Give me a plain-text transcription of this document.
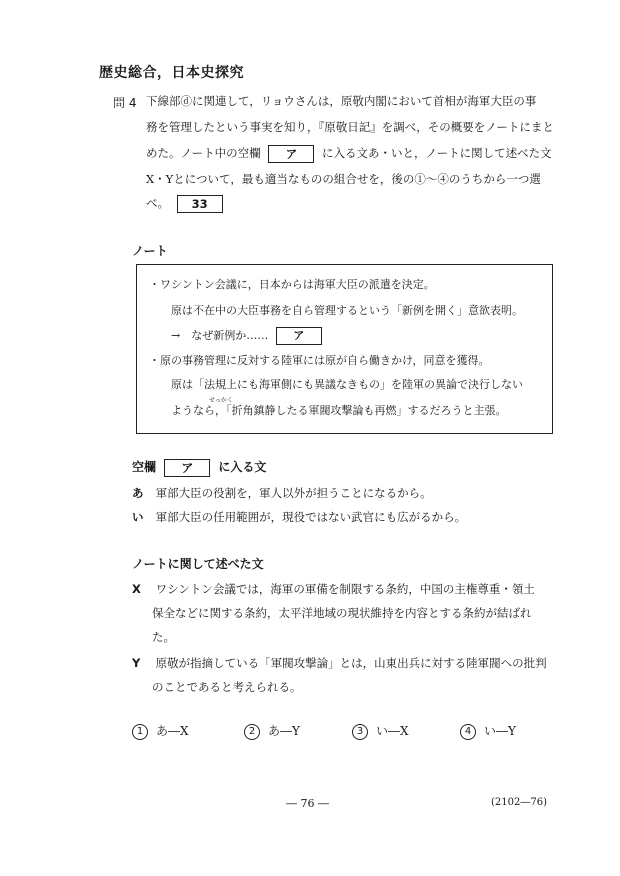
歴史総合，日本史探究
問 4 下線部ⓓに関連して，リョウさんは，原敬内閣において首相が海軍大臣の事
務を管理したという事実を知り，『原敬日記』を調べ，その概要をノートにまと
めた。ノート中の空欄 ア に入る文あ・いと，ノートに関して述べた文
X・Yとについて，最も適当なものの組合せを，後の①～④のうちから一つ選
べ。 33
ノート
・ワシントン会議に，日本からは海軍大臣の派遣を決定。
原は不在中の大臣事務を自ら管理するという「新例を開く」意欲表明。
→　なぜ新例か…… ア
・原の事務管理に反対する陸軍には原が自ら働きかけ，同意を獲得。
原は「法規上にも海軍側にも異議なきもの」を陸軍の異論で決行しない
せっかく
ようなら，「折角鎮静したる軍閥攻撃論も再燃」するだろうと主張。
空欄 ア に入る文
あ 軍部大臣の役割を，軍人以外が担うことになるから。
い 軍部大臣の任用範囲が，現役ではない武官にも広がるから。
ノートに関して述べた文
X ワシントン会議では，海軍の軍備を制限する条約，中国の主権尊重・領土
保全などに関する条約，太平洋地域の現状維持を内容とする条約が結ばれ
た。
Y 原敬が指摘している「軍閥攻撃論」とは，山東出兵に対する陸軍閥への批判
のことであると考えられる。
1 あ―X	2 あ―Y	3 い―X	4 い―Y
― 76 ―	(2102―76)
